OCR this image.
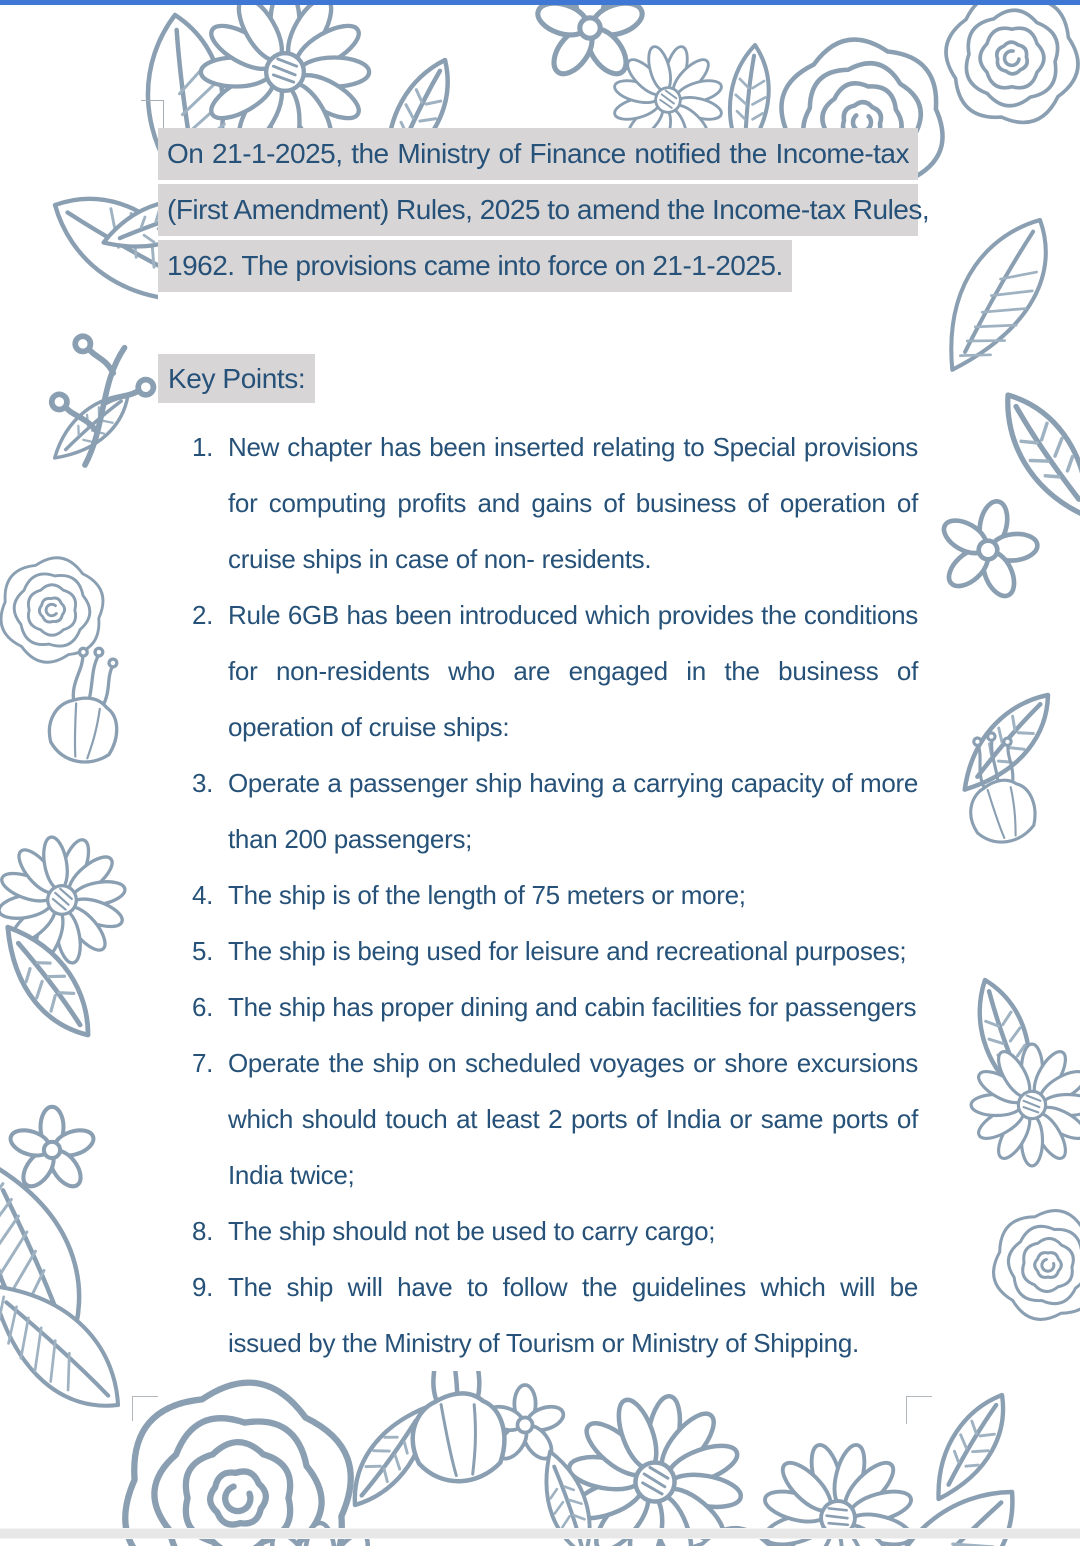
On 21-1-2025, the Ministry of Finance notified the Income-tax
(First Amendment) Rules, 2025 to amend the Income-tax Rules,
1962. The provisions came into force on 21-1-2025.
Key Points:
1. New chapter has been inserted relating to Special provisions for computing profits and gains of business of operation of cruise ships in case of non- residents.
2. Rule 6GB has been introduced which provides the conditions for non-residents who are engaged in the business of operation of cruise ships:
3. Operate a passenger ship having a carrying capacity of more than 200 passengers;
4. The ship is of the length of 75 meters or more;
5. The ship is being used for leisure and recreational purposes;
6. The ship has proper dining and cabin facilities for passengers
7. Operate the ship on scheduled voyages or shore excursions which should touch at least 2 ports of India or same ports of India twice;
8. The ship should not be used to carry cargo;
9. The ship will have to follow the guidelines which will be issued by the Ministry of Tourism or Ministry of Shipping.
